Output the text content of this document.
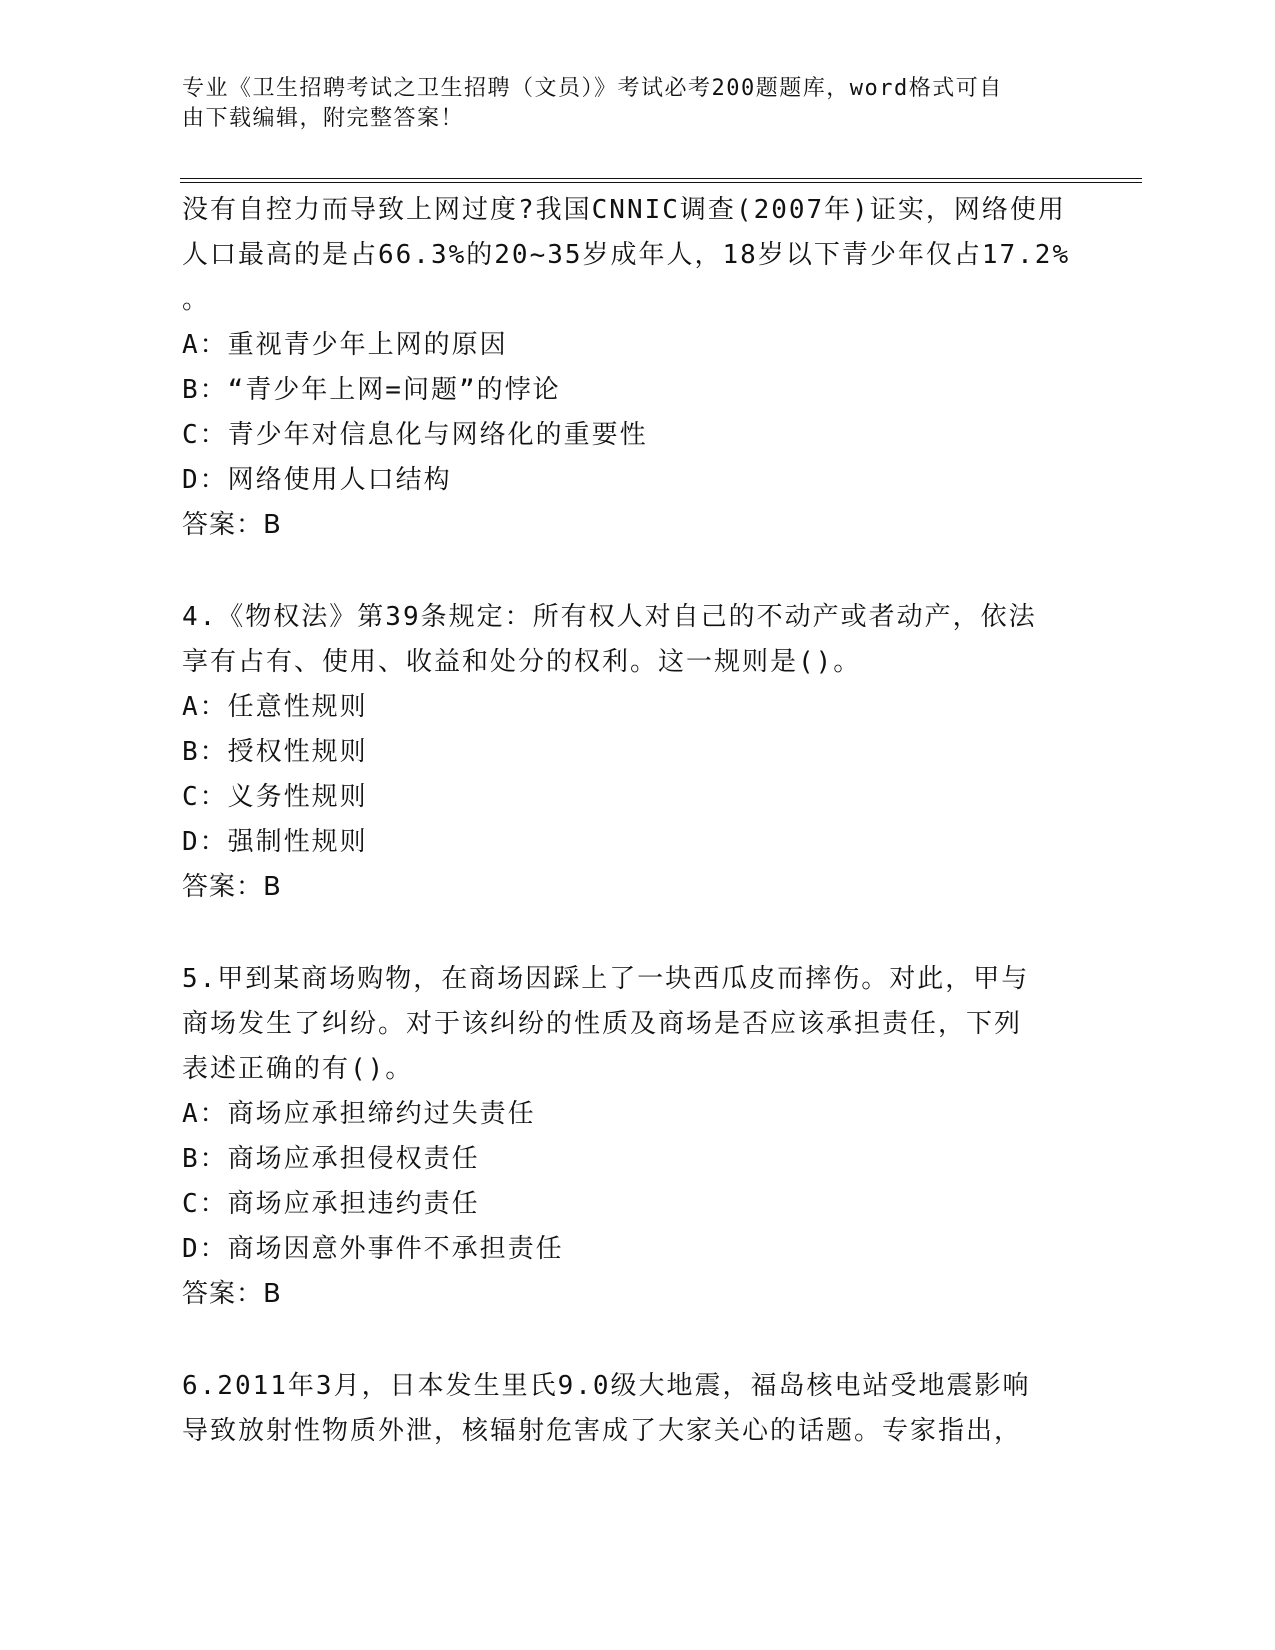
专业《卫生招聘考试之卫生招聘（文员）》考试必考200题题库，word格式可自
由下载编辑，附完整答案！

没有自控力而导致上网过度?我国CNNIC调查(2007年)证实，网络使用

人口最高的是占66.3%的20~35岁成年人，18岁以下青少年仅占17.2%

。

A：重视青少年上网的原因

B：“青少年上网=问题”的悖论

C：青少年对信息化与网络化的重要性

D：网络使用人口结构

答案：B

4.《物权法》第39条规定：所有权人对自己的不动产或者动产，依法

享有占有、使用、收益和处分的权利。这一规则是()。

A：任意性规则

B：授权性规则

C：义务性规则

D：强制性规则

答案：B

5.甲到某商场购物，在商场因踩上了一块西瓜皮而摔伤。对此，甲与

商场发生了纠纷。对于该纠纷的性质及商场是否应该承担责任，下列

表述正确的有()。

A：商场应承担缔约过失责任

B：商场应承担侵权责任

C：商场应承担违约责任

D：商场因意外事件不承担责任

答案：B

6.2011年3月，日本发生里氏9.0级大地震，福岛核电站受地震影响

导致放射性物质外泄，核辐射危害成了大家关心的话题。专家指出，
